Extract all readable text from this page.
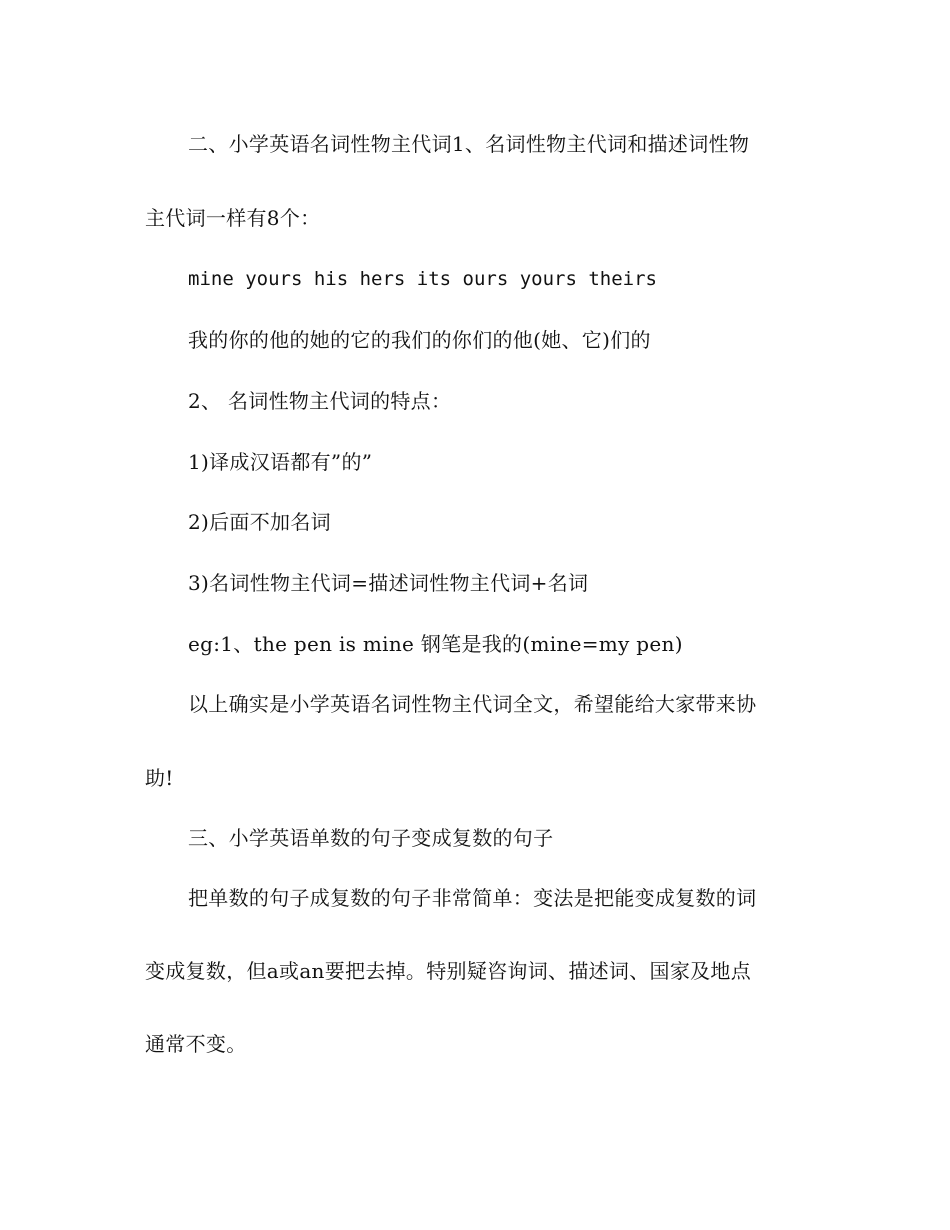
二、小学英语名词性物主代词1、名词性物主代词和描述词性物
主代词一样有8个：
mine yours his hers its ours yours theirs
我的你的他的她的它的我们的你们的他(她、它)们的
2、 名词性物主代词的特点：
1)译成汉语都有”的”
2)后面不加名词
3)名词性物主代词=描述词性物主代词+名词
eg:1、the pen is mine 钢笔是我的(mine=my pen)
以上确实是小学英语名词性物主代词全文，希望能给大家带来协
助!
三、小学英语单数的句子变成复数的句子
把单数的句子成复数的句子非常简单：变法是把能变成复数的词
变成复数，但a或an要把去掉。特别疑咨询词、描述词、国家及地点
通常不变。
